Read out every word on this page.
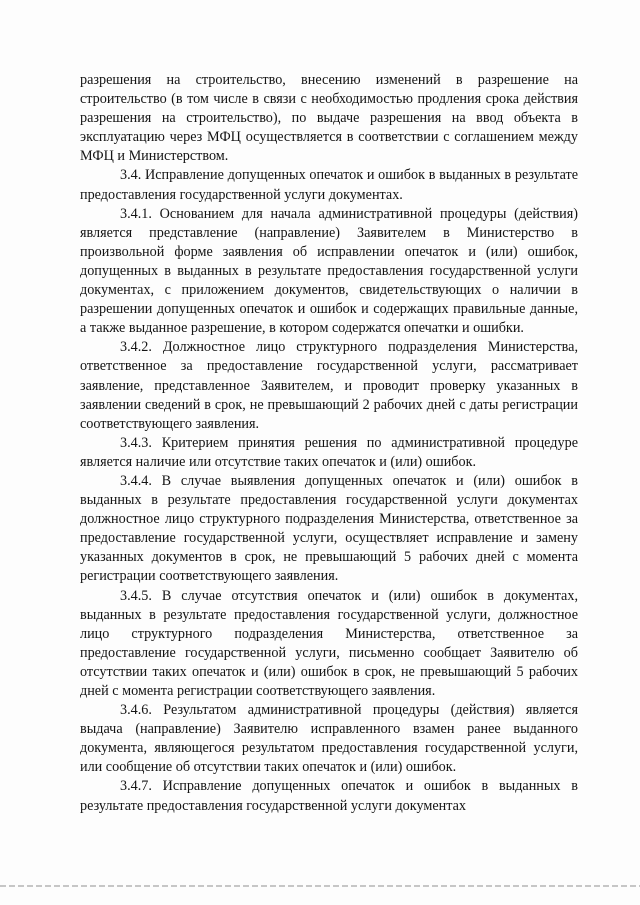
разрешения на строительство, внесению изменений в разрешение на строительство (в том числе в связи с необходимостью продления срока действия разрешения на строительство), по выдаче разрешения на ввод объекта в эксплуатацию через МФЦ осуществляется в соответствии с соглашением между МФЦ и Министерством.

3.4. Исправление допущенных опечаток и ошибок в выданных в результате предоставления государственной услуги документах.

3.4.1. Основанием для начала административной процедуры (действия) является представление (направление) Заявителем в Министерство в произвольной форме заявления об исправлении опечаток и (или) ошибок, допущенных в выданных в результате предоставления государственной услуги документах, с приложением документов, свидетельствующих о наличии в разрешении допущенных опечаток и ошибок и содержащих правильные данные, а также выданное разрешение, в котором содержатся опечатки и ошибки.

3.4.2. Должностное лицо структурного подразделения Министерства, ответственное за предоставление государственной услуги, рассматривает заявление, представленное Заявителем, и проводит проверку указанных в заявлении сведений в срок, не превышающий 2 рабочих дней с даты регистрации соответствующего заявления.

3.4.3. Критерием принятия решения по административной процедуре является наличие или отсутствие таких опечаток и (или) ошибок.

3.4.4. В случае выявления допущенных опечаток и (или) ошибок в выданных в результате предоставления государственной услуги документах должностное лицо структурного подразделения Министерства, ответственное за предоставление государственной услуги, осуществляет исправление и замену указанных документов в срок, не превышающий 5 рабочих дней с момента регистрации соответствующего заявления.

3.4.5. В случае отсутствия опечаток и (или) ошибок в документах, выданных в результате предоставления государственной услуги, должностное лицо структурного подразделения Министерства, ответственное за предоставление государственной услуги, письменно сообщает Заявителю об отсутствии таких опечаток и (или) ошибок в срок, не превышающий 5 рабочих дней с момента регистрации соответствующего заявления.

3.4.6. Результатом административной процедуры (действия) является выдача (направление) Заявителю исправленного взамен ранее выданного документа, являющегося результатом предоставления государственной услуги, или сообщение об отсутствии таких опечаток и (или) ошибок.

3.4.7. Исправление допущенных опечаток и ошибок в выданных в результате предоставления государственной услуги документах
